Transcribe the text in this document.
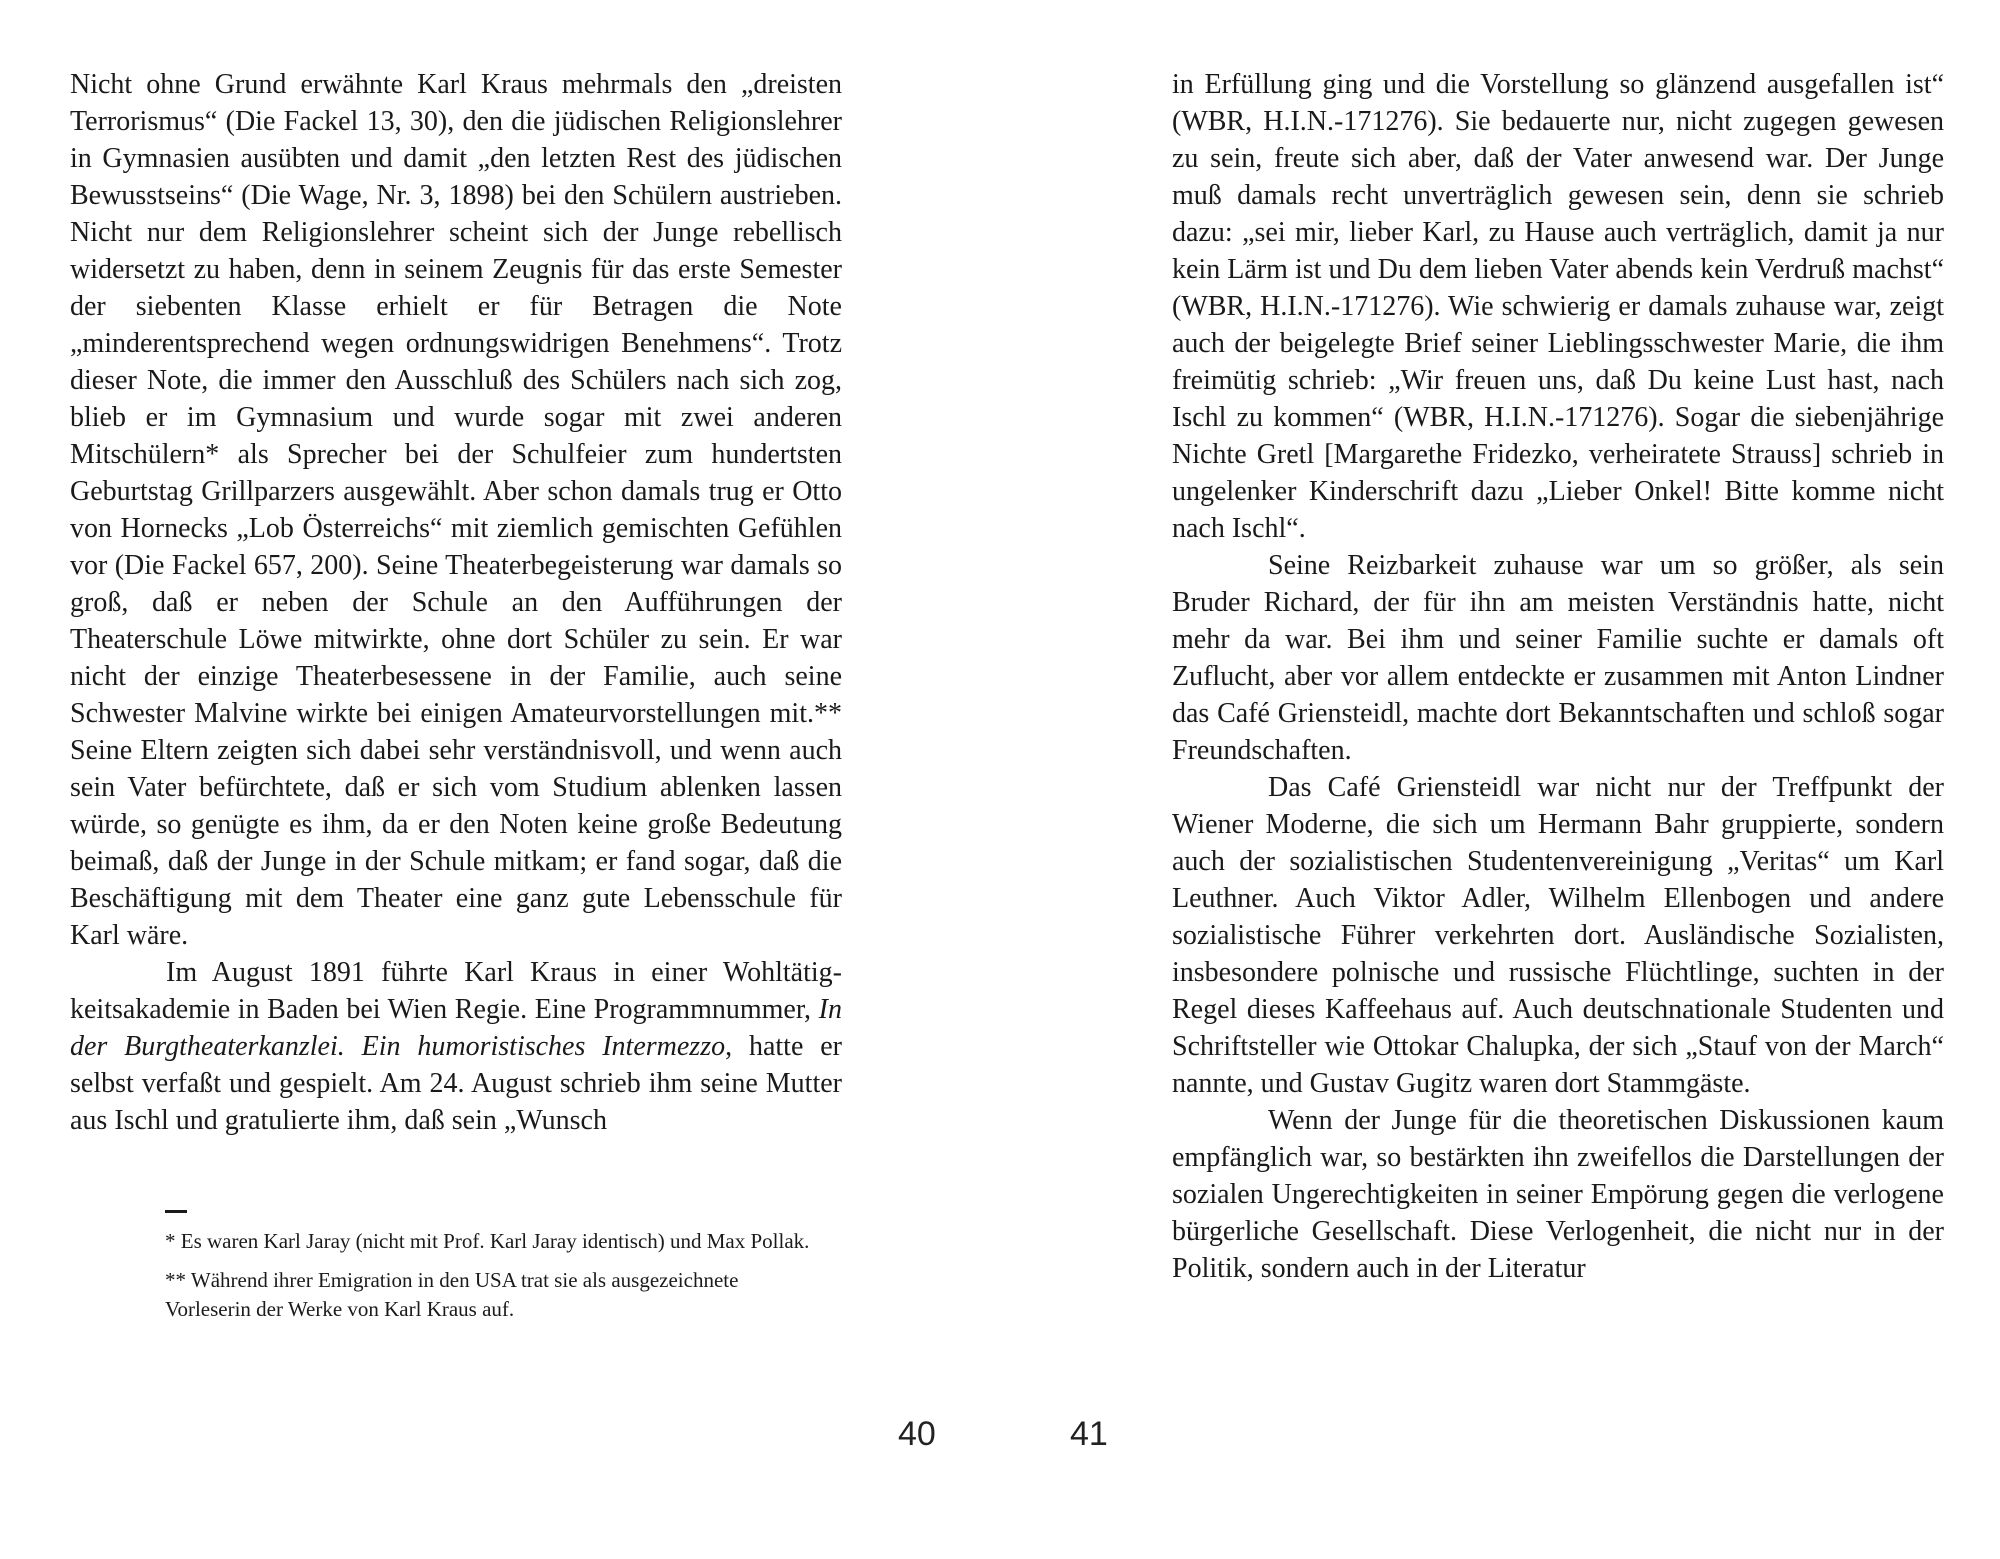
Nicht ohne Grund erwähnte Karl Kraus mehrmals den „dreisten Terrorismus“ (Die Fackel 13, 30), den die jüdischen Religionslehrer in Gymnasien ausübten und damit „den letzten Rest des jüdischen Bewusstseins“ (Die Wage, Nr. 3, 1898) bei den Schülern austrieben. Nicht nur dem Religionslehrer scheint sich der Junge rebellisch widersetzt zu haben, denn in seinem Zeugnis für das erste Semester der siebenten Klasse erhielt er für Betragen die Note „minderentsprechend wegen ordnungswidrigen Benehmens“. Trotz dieser Note, die immer den Ausschluß des Schülers nach sich zog, blieb er im Gymnasium und wurde sogar mit zwei anderen Mitschülern* als Sprecher bei der Schulfeier zum hundertsten Geburtstag Grillparzers ausgewählt. Aber schon damals trug er Otto von Hornecks „Lob Österreichs“ mit ziemlich gemischten Gefühlen vor (Die Fackel 657, 200). Seine Theaterbegeisterung war damals so groß, daß er neben der Schule an den Aufführungen der Theaterschule Löwe mitwirkte, ohne dort Schüler zu sein. Er war nicht der einzige Theaterbesessene in der Familie, auch seine Schwester Malvine wirkte bei einigen Amateurvorstellungen mit.** Seine Eltern zeigten sich dabei sehr verständnisvoll, und wenn auch sein Vater befürchtete, daß er sich vom Studium ablenken lassen würde, so genügte es ihm, da er den Noten keine große Bedeutung beimaß, daß der Junge in der Schule mitkam; er fand sogar, daß die Beschäftigung mit dem Theater eine ganz gute Lebensschule für Karl wäre.

Im August 1891 führte Karl Kraus in einer Wohltätigkeitsakademie in Baden bei Wien Regie. Eine Programmnummer, In der Burgtheaterkanzlei. Ein humoristisches Intermezzo, hatte er selbst verfaßt und gespielt. Am 24. August schrieb ihm seine Mutter aus Ischl und gratulierte ihm, daß sein „Wunsch

* Es waren Karl Jaray (nicht mit Prof. Karl Jaray identisch) und Max Pollak.

** Während ihrer Emigration in den USA trat sie als ausgezeichnete Vorleserin der Werke von Karl Kraus auf.

40

in Erfüllung ging und die Vorstellung so glänzend ausgefallen ist“ (WBR, H.I.N.-171276). Sie bedauerte nur, nicht zugegen gewesen zu sein, freute sich aber, daß der Vater anwesend war. Der Junge muß damals recht unverträglich gewesen sein, denn sie schrieb dazu: „sei mir, lieber Karl, zu Hause auch verträglich, damit ja nur kein Lärm ist und Du dem lieben Vater abends kein Verdruß machst“ (WBR, H.I.N.-171276). Wie schwierig er damals zuhause war, zeigt auch der beigelegte Brief seiner Lieblingsschwester Marie, die ihm freimütig schrieb: „Wir freuen uns, daß Du keine Lust hast, nach Ischl zu kommen“ (WBR, H.I.N.-171276). Sogar die siebenjährige Nichte Gretl [Margarethe Fridezko, verheiratete Strauss] schrieb in ungelenker Kinderschrift dazu „Lieber Onkel! Bitte komme nicht nach Ischl“.

Seine Reizbarkeit zuhause war um so größer, als sein Bruder Richard, der für ihn am meisten Verständnis hatte, nicht mehr da war. Bei ihm und seiner Familie suchte er damals oft Zuflucht, aber vor allem entdeckte er zusammen mit Anton Lindner das Café Griensteidl, machte dort Bekanntschaften und schloß sogar Freundschaften.

Das Café Griensteidl war nicht nur der Treffpunkt der Wiener Moderne, die sich um Hermann Bahr gruppierte, sondern auch der sozialistischen Studentenvereinigung „Veritas“ um Karl Leuthner. Auch Viktor Adler, Wilhelm Ellenbogen und andere sozialistische Führer verkehrten dort. Ausländische Sozialisten, insbesondere polnische und russische Flüchtlinge, suchten in der Regel dieses Kaffeehaus auf. Auch deutschnationale Studenten und Schriftsteller wie Ottokar Chalupka, der sich „Stauf von der March“ nannte, und Gustav Gugitz waren dort Stammgäste.

Wenn der Junge für die theoretischen Diskussionen kaum empfänglich war, so bestärkten ihn zweifellos die Darstellungen der sozialen Ungerechtigkeiten in seiner Empörung gegen die verlogene bürgerliche Gesellschaft. Diese Verlogenheit, die nicht nur in der Politik, sondern auch in der Literatur

41
